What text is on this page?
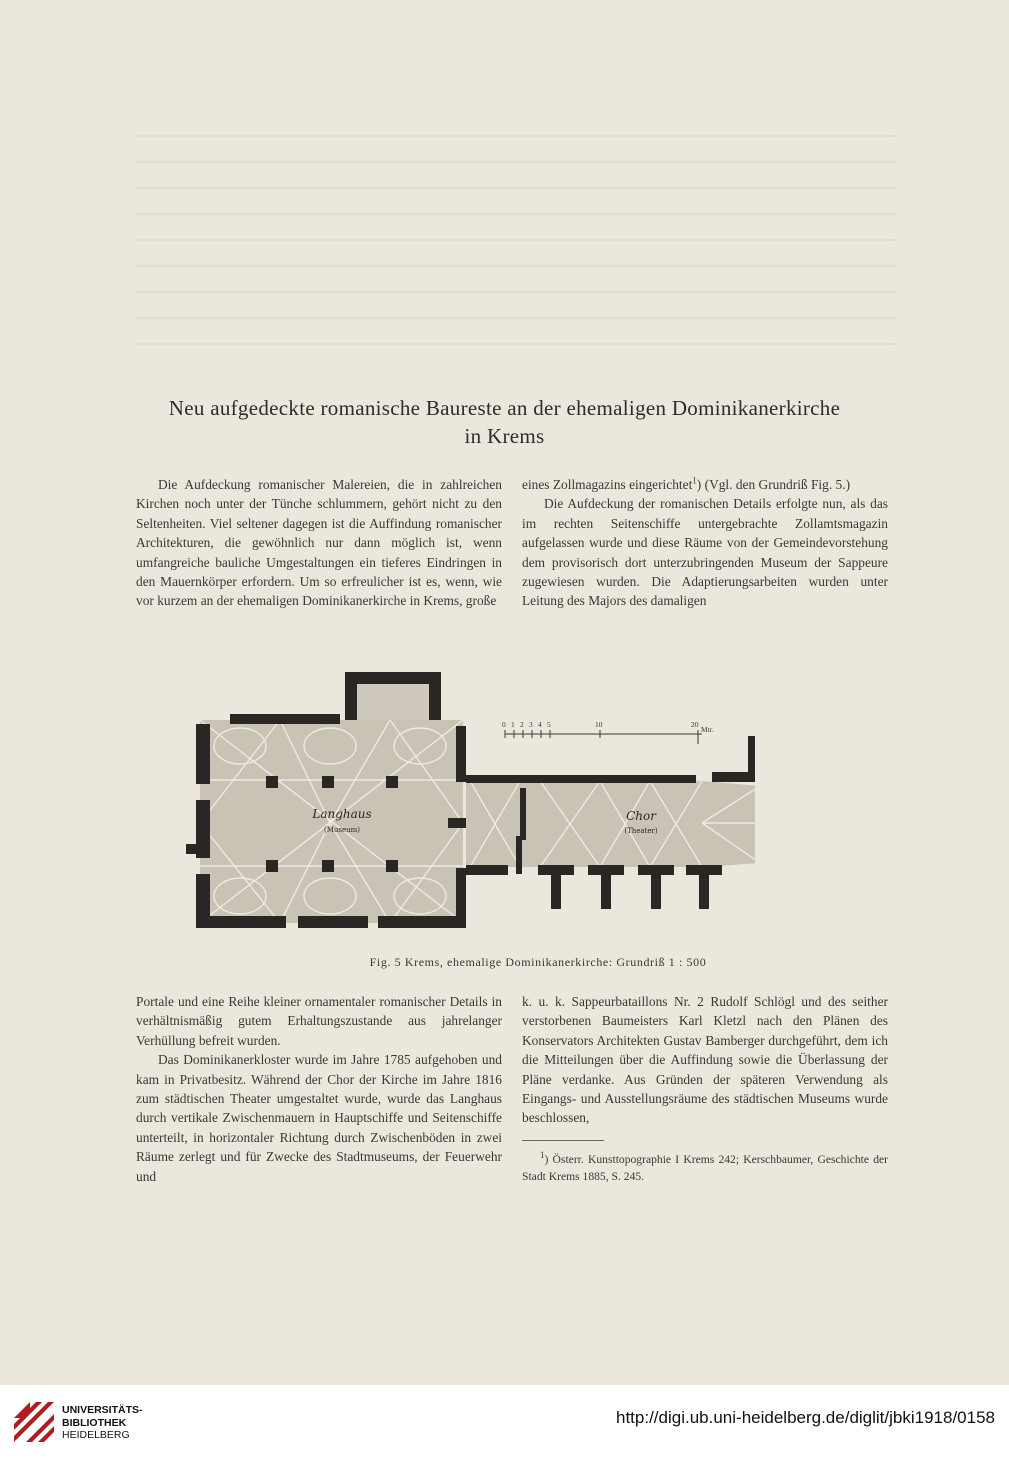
Neu aufgedeckte romanische Baureste an der ehemaligen Dominikanerkirche
in Krems

Die Aufdeckung romanischer Malereien, die in zahlreichen Kirchen noch unter der Tünche schlummern, gehört nicht zu den Seltenheiten. Viel seltener dagegen ist die Auffindung romanischer Architekturen, die gewöhnlich nur dann möglich ist, wenn umfangreiche bauliche Umgestaltungen ein tieferes Eindringen in den Mauernkörper erfordern. Um so erfreulicher ist es, wenn, wie vor kurzem an der ehemaligen Dominikanerkirche in Krems, große

eines Zollmagazins eingerichtet$^1$) (Vgl. den Grundriß Fig. 5.)

Die Aufdeckung der romanischen Details erfolgte nun, als das im rechten Seitenschiffe untergebrachte Zollamtsmagazin aufgelassen wurde und diese Räume von der Gemeindevorstehung dem provisorisch dort unterzubringenden Museum der Sappeure zugewiesen wurden. Die Adaptierungsarbeiten wurden unter Leitung des Majors des damaligen

0 1 2 3 4 5	10	20
Mtr.
Langhaus
(Museum)
Chor
(Theater)
Fig. 5 Krems, ehemalige Dominikanerkirche: Grundriß 1 : 500

Portale und eine Reihe kleiner ornamentaler romanischer Details in verhältnismäßig gutem Erhaltungszustande aus jahrelanger Verhüllung befreit wurden.

Das Dominikanerkloster wurde im Jahre 1785 aufgehoben und kam in Privatbesitz. Während der Chor der Kirche im Jahre 1816 zum städtischen Theater umgestaltet wurde, wurde das Langhaus durch vertikale Zwischenmauern in Hauptschiffe und Seitenschiffe unterteilt, in horizontaler Richtung durch Zwischenböden in zwei Räume zerlegt und für Zwecke des Stadtmuseums, der Feuerwehr und

k. u. k. Sappeurbataillons Nr. 2 Rudolf Schlögl und des seither verstorbenen Baumeisters Karl Kletzl nach den Plänen des Konservators Architekten Gustav Bamberger durchgeführt, dem ich die Mitteilungen über die Auffindung sowie die Überlassung der Pläne verdanke. Aus Gründen der späteren Verwendung als Eingangs- und Ausstellungsräume des städtischen Museums wurde beschlossen,

$^1$) Österr. Kunsttopographie I Krems 242; Kerschbaumer, Geschichte der Stadt Krems 1885, S. 245.

UNIVERSITÄTS-
BIBLIOTHEK
HEIDELBERG
http://digi.ub.uni-heidelberg.de/diglit/jbki1918/0158
